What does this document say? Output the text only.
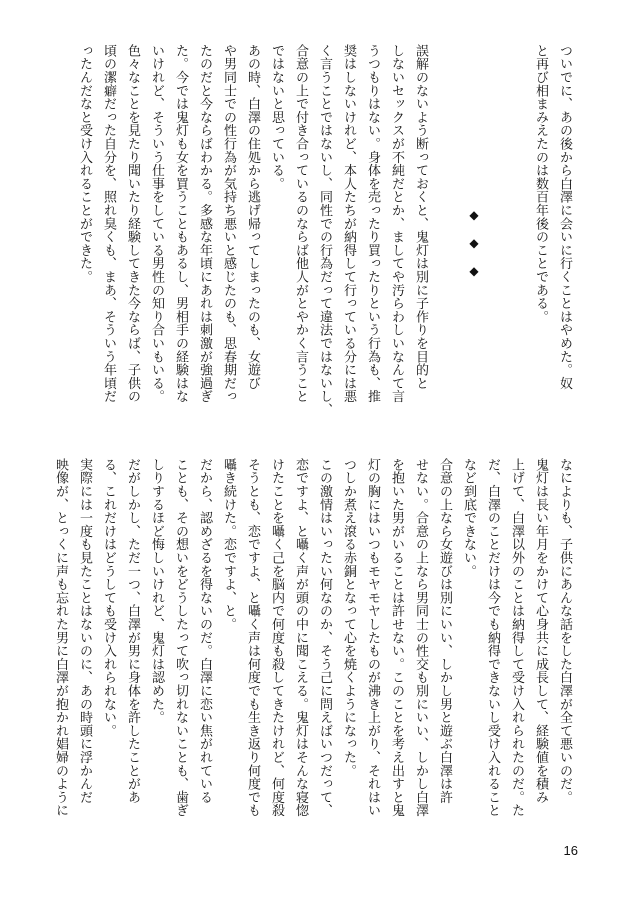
ついでに、あの後から白澤に会いに行くことはやめた。奴

と再び相まみえたのは数百年後のことである。

誤解のないよう断っておくと、鬼灯は別に子作りを目的と

しないセックスが不純だとか、ましてや汚らわしいなんて言

うつもりはない。身体を売ったり買ったりという行為も、推

奨はしないけれど、本人たちが納得して行っている分には悪

く言うことではないし、同性での行為だって違法ではないし、

合意の上で付き合っているのならば他人がとやかく言うこと

ではないと思っている。

あの時、白澤の住処から逃げ帰ってしまったのも、女遊び

や男同士での性行為が気持ち悪いと感じたのも、思春期だっ

たのだと今ならばわかる。多感な年頃にあれは刺激が強過ぎ

た。今では鬼灯も女を買うこともあるし、男相手の経験はな

いけれど、そういう仕事をしている男性の知り合いもいる。

色々なことを見たり聞いたり経験してきた今ならば、子供の

頃の潔癖だった自分を、照れ臭くも、まあ、そういう年頃だ

ったんだなと受け入れることができた。	◆
◆
◆

なによりも、子供にあんな話をした白澤が全て悪いのだ。

鬼灯は長い年月をかけて心身共に成長して、経験値を積み

上げて、白澤以外のことは納得して受け入れられたのだ。た

だ、白澤のことだけは今でも納得できないし受け入れること

など到底できない。

合意の上なら女遊びは別にいい、しかし男と遊ぶ白澤は許

せない。合意の上なら男同士の性交も別にいい、しかし白澤

を抱いた男がいることは許せない。このことを考え出すと鬼

灯の胸にはいつもモヤモヤしたものが沸き上がり、それはい

つしか煮え滾る赤銅となって心を焼くようになった。

この激情はいったい何なのか、そう己に問えばいつだって、

恋ですよ、と囁く声が頭の中に聞こえる。鬼灯はそんな寝惚

けたことを囁く己を脳内で何度も殺してきたけれど、何度殺

そうとも、恋ですよ、と囁く声は何度でも生き返り何度でも

囁き続けた。恋ですよ、と。

だから、認めざるを得ないのだ。白澤に恋い焦がれている

ことも、その想いをどうしたって吹っ切れないことも、歯ぎ

しりするほど悔しいけれど、鬼灯は認めた。

だがしかし、ただ一つ、白澤が男に身体を許したことがあ

る、これだけはどうしても受け入れられない。

実際には一度も見たことはないのに、あの時頭に浮かんだ

映像が、とっくに声も忘れた男に白澤が抱かれ娼婦のように

16
